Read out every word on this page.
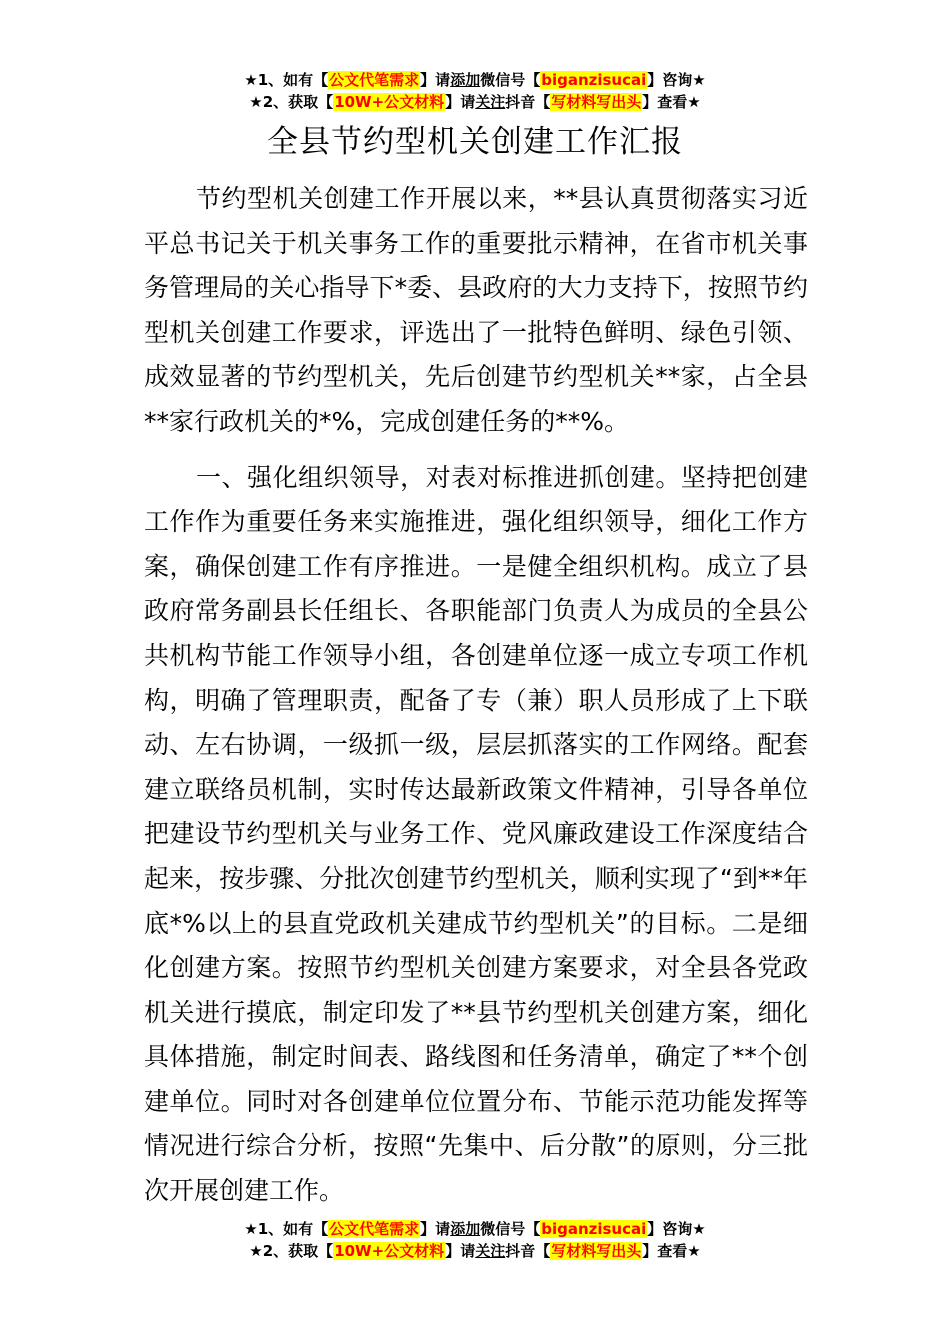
★1、如有【公文代笔需求】请添加微信号【biganzisucai】咨询★
★2、获取【10W+公文材料】请关注抖音【写材料写出头】查看★
全县节约型机关创建工作汇报

节约型机关创建工作开展以来，**县认真贯彻落实习近平总书记关于机关事务工作的重要批示精神，在省市机关事务管理局的关心指导下*委、县政府的大力支持下，按照节约型机关创建工作要求，评选出了一批特色鲜明、绿色引领、成效显著的节约型机关，先后创建节约型机关**家，占全县**家行政机关的*%，完成创建任务的**%。

一、强化组织领导，对表对标推进抓创建。坚持把创建工作作为重要任务来实施推进，强化组织领导，细化工作方案，确保创建工作有序推进。一是健全组织机构。成立了县政府常务副县长任组长、各职能部门负责人为成员的全县公共机构节能工作领导小组，各创建单位逐一成立专项工作机构，明确了管理职责，配备了专（兼）职人员形成了上下联动、左右协调，一级抓一级，层层抓落实的工作网络。配套建立联络员机制，实时传达最新政策文件精神，引导各单位把建设节约型机关与业务工作、党风廉政建设工作深度结合起来，按步骤、分批次创建节约型机关，顺利实现了“到**年底*%以上的县直党政机关建成节约型机关”的目标。二是细化创建方案。按照节约型机关创建方案要求，对全县各党政机关进行摸底，制定印发了**县节约型机关创建方案，细化具体措施，制定时间表、路线图和任务清单，确定了**个创建单位。同时对各创建单位位置分布、节能示范功能发挥等情况进行综合分析，按照“先集中、后分散”的原则，分三批次开展创建工作。

★1、如有【公文代笔需求】请添加微信号【biganzisucai】咨询★
★2、获取【10W+公文材料】请关注抖音【写材料写出头】查看★
